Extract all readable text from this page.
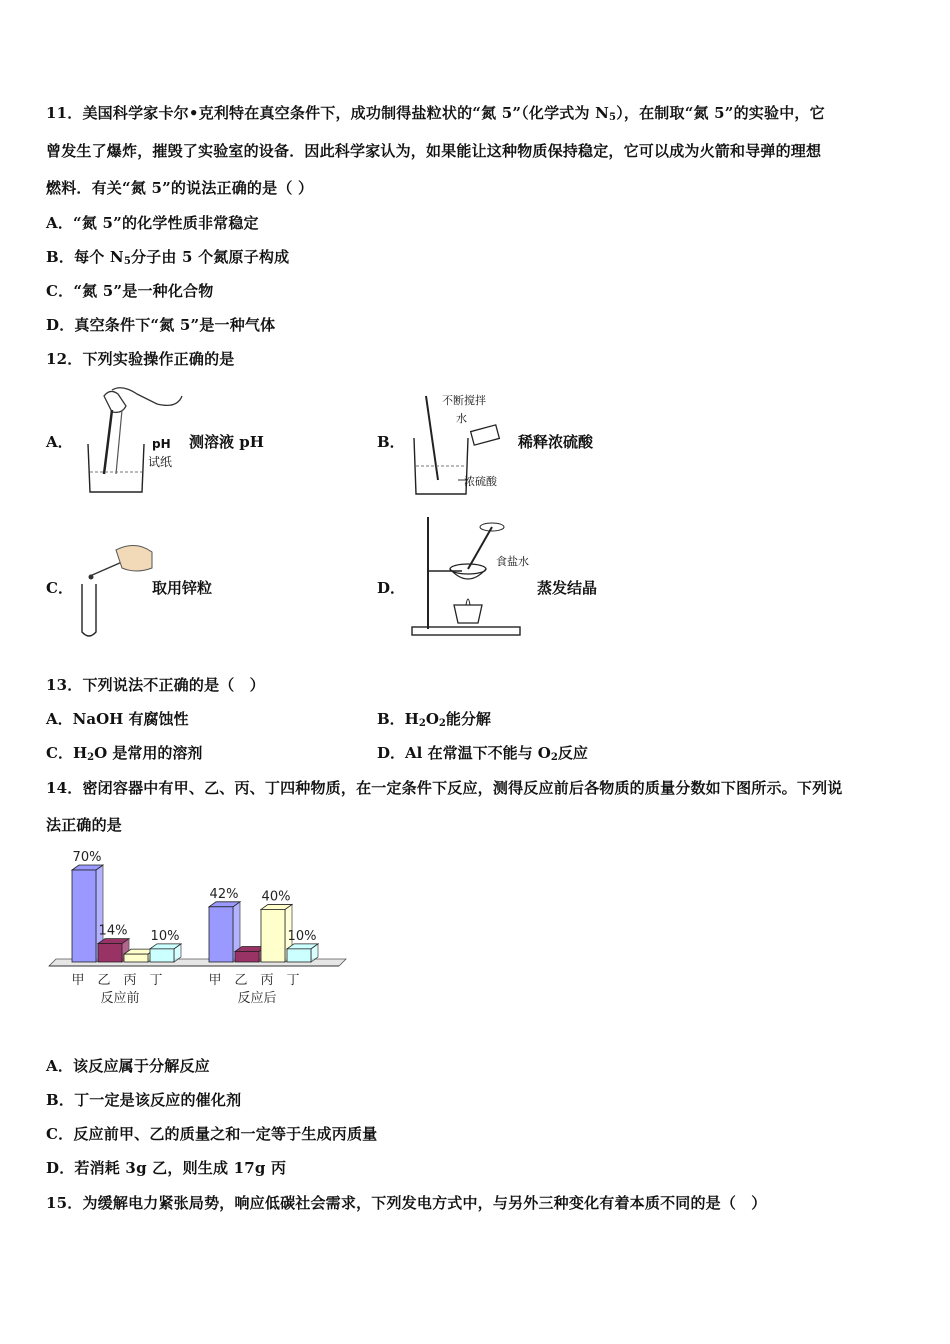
11．美国科学家卡尔•克利特在真空条件下，成功制得盐粒状的“氮 5”（化学式为 $N_5$），在制取“氮 5”的实验中，它
曾发生了爆炸，摧毁了实验室的设备．因此科学家认为，如果能让这种物质保持稳定，它可以成为火箭和导弹的理想
燃料．有关“氮 5”的说法正确的是（ ）
A．“氮 5”的化学性质非常稳定
B．每个 $N_5$分子由 5 个氮原子构成
C．“氮 5”是一种化合物
D．真空条件下“氮 5”是一种气体
12．下列实验操作正确的是
A．	pH
试纸
测溶液 pH	B．
不断搅拌
水
浓硫酸
稀释浓硫酸
C．	取用锌粒	D．
食盐水
蒸发结晶
13．下列说法不正确的是（　）
A．NaOH 有腐蚀性	B．$H_2O_2$能分解
C．$H_2O$ 是常用的溶剂	D．Al 在常温下不能与 $O_2$反应
14．密闭容器中有甲、乙、丙、丁四种物质，在一定条件下反应，测得反应前后各物质的质量分数如下图所示。下列说
法正确的是
70%
甲
14%
乙 丙
10%
丁
反应前
42%
甲 乙
40%
丙
10%
丁
反应后
A．该反应属于分解反应
B．丁一定是该反应的催化剂
C．反应前甲、乙的质量之和一定等于生成丙质量
D．若消耗 3g 乙，则生成 17g 丙
15．为缓解电力紧张局势，响应低碳社会需求，下列发电方式中，与另外三种变化有着本质不同的是（　）
